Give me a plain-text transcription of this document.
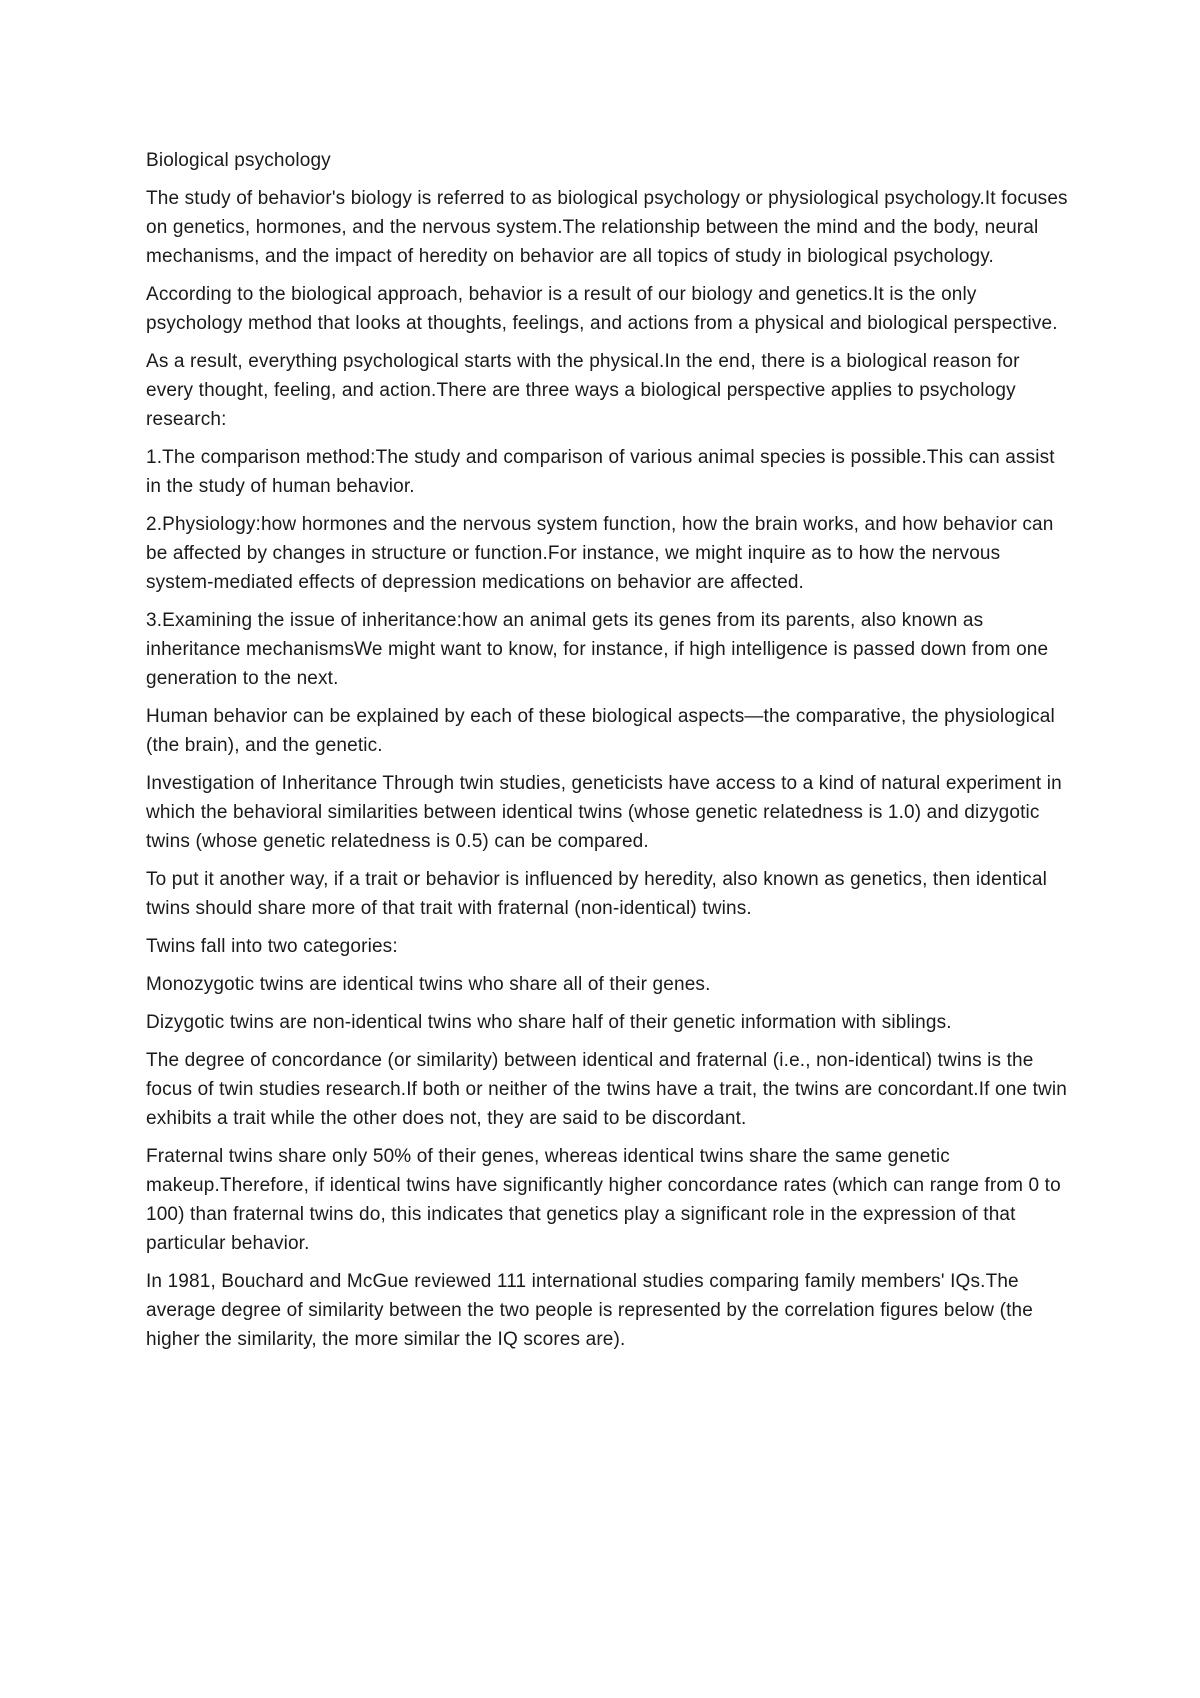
Biological psychology

The study of behavior's biology is referred to as biological psychology or physiological psychology.It focuses on genetics, hormones, and the nervous system.The relationship between the mind and the body, neural mechanisms, and the impact of heredity on behavior are all topics of study in biological psychology.

According to the biological approach, behavior is a result of our biology and genetics.It is the only psychology method that looks at thoughts, feelings, and actions from a physical and biological perspective.

As a result, everything psychological starts with the physical.In the end, there is a biological reason for every thought, feeling, and action.There are three ways a biological perspective applies to psychology research:

1.The comparison method:The study and comparison of various animal species is possible.This can assist in the study of human behavior.

2.Physiology:how hormones and the nervous system function, how the brain works, and how behavior can be affected by changes in structure or function.For instance, we might inquire as to how the nervous system-mediated effects of depression medications on behavior are affected.

3.Examining the issue of inheritance:how an animal gets its genes from its parents, also known as inheritance mechanismsWe might want to know, for instance, if high intelligence is passed down from one generation to the next.

Human behavior can be explained by each of these biological aspects—the comparative, the physiological (the brain), and the genetic.

Investigation of Inheritance Through twin studies, geneticists have access to a kind of natural experiment in which the behavioral similarities between identical twins (whose genetic relatedness is 1.0) and dizygotic twins (whose genetic relatedness is 0.5) can be compared.

To put it another way, if a trait or behavior is influenced by heredity, also known as genetics, then identical twins should share more of that trait with fraternal (non-identical) twins.

Twins fall into two categories:

Monozygotic twins are identical twins who share all of their genes.

Dizygotic twins are non-identical twins who share half of their genetic information with siblings.

The degree of concordance (or similarity) between identical and fraternal (i.e., non-identical) twins is the focus of twin studies research.If both or neither of the twins have a trait, the twins are concordant.If one twin exhibits a trait while the other does not, they are said to be discordant.

Fraternal twins share only 50% of their genes, whereas identical twins share the same genetic makeup.Therefore, if identical twins have significantly higher concordance rates (which can range from 0 to 100) than fraternal twins do, this indicates that genetics play a significant role in the expression of that particular behavior.

In 1981, Bouchard and McGue reviewed 111 international studies comparing family members' IQs.The average degree of similarity between the two people is represented by the correlation figures below (the higher the similarity, the more similar the IQ scores are).
